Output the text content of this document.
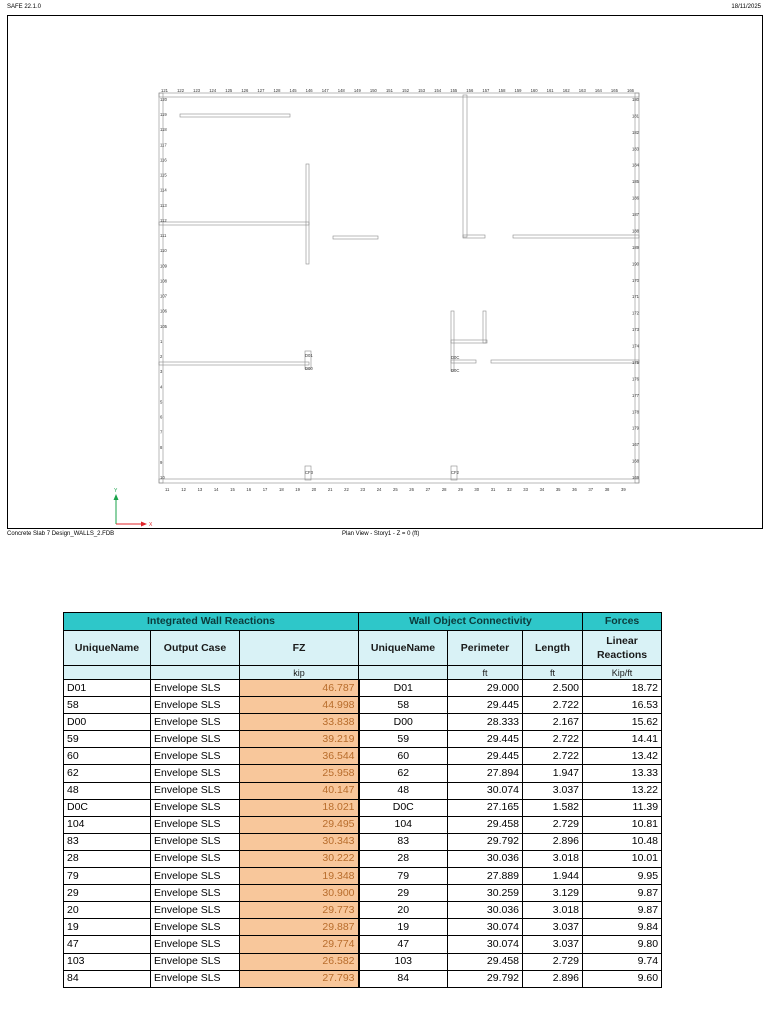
SAFE 22.1.0	18/11/2025
121 122 123 124 125 126 127 128 145 146 147 148 149 150 151 152 153 154 155 156 157 158 159 160 161 162 163 164 165 166
11	12	13	14	15	16	17	18	19	20	21	22	23	24	25	26	27	28	29	30	31	32	33	34	35	36	37	38	39
120
119
118
117
116
115
114
113
112
111
110
109
108
107
106
105
1
2
3
4
5
6
7
8
9
10
180
181
182
183
184
185
186
187
188
189
190
170
171
172
173
174
175
176
177
178
179
167
168
169
D01
D00
D0C
CF3
D0C
CF2
Y
X
Concrete Slab 7 Design_WALLS_2.FDB	Plan View - Story1 - Z = 0 (ft)
Integrated Wall Reactions			Wall Object Connectivity			Forces
UniqueName	Output Case	FZ	UniqueName	Perimeter	Length	Linear Reactions
		kip		ft	ft	Kip/ft
D01	Envelope SLS	46.787	D01	29.000	2.500	18.72
58	Envelope SLS	44.998	58	29.445	2.722	16.53
D00	Envelope SLS	33.838	D00	28.333	2.167	15.62
59	Envelope SLS	39.219	59	29.445	2.722	14.41
60	Envelope SLS	36.544	60	29.445	2.722	13.42
62	Envelope SLS	25.958	62	27.894	1.947	13.33
48	Envelope SLS	40.147	48	30.074	3.037	13.22
D0C	Envelope SLS	18.021	D0C	27.165	1.582	11.39
104	Envelope SLS	29.495	104	29.458	2.729	10.81
83	Envelope SLS	30.343	83	29.792	2.896	10.48
28	Envelope SLS	30.222	28	30.036	3.018	10.01
79	Envelope SLS	19.348	79	27.889	1.944	9.95
29	Envelope SLS	30.900	29	30.259	3.129	9.87
20	Envelope SLS	29.773	20	30.036	3.018	9.87
19	Envelope SLS	29.887	19	30.074	3.037	9.84
47	Envelope SLS	29.774	47	30.074	3.037	9.80
103	Envelope SLS	26.582	103	29.458	2.729	9.74
84	Envelope SLS	27.793	84	29.792	2.896	9.60
